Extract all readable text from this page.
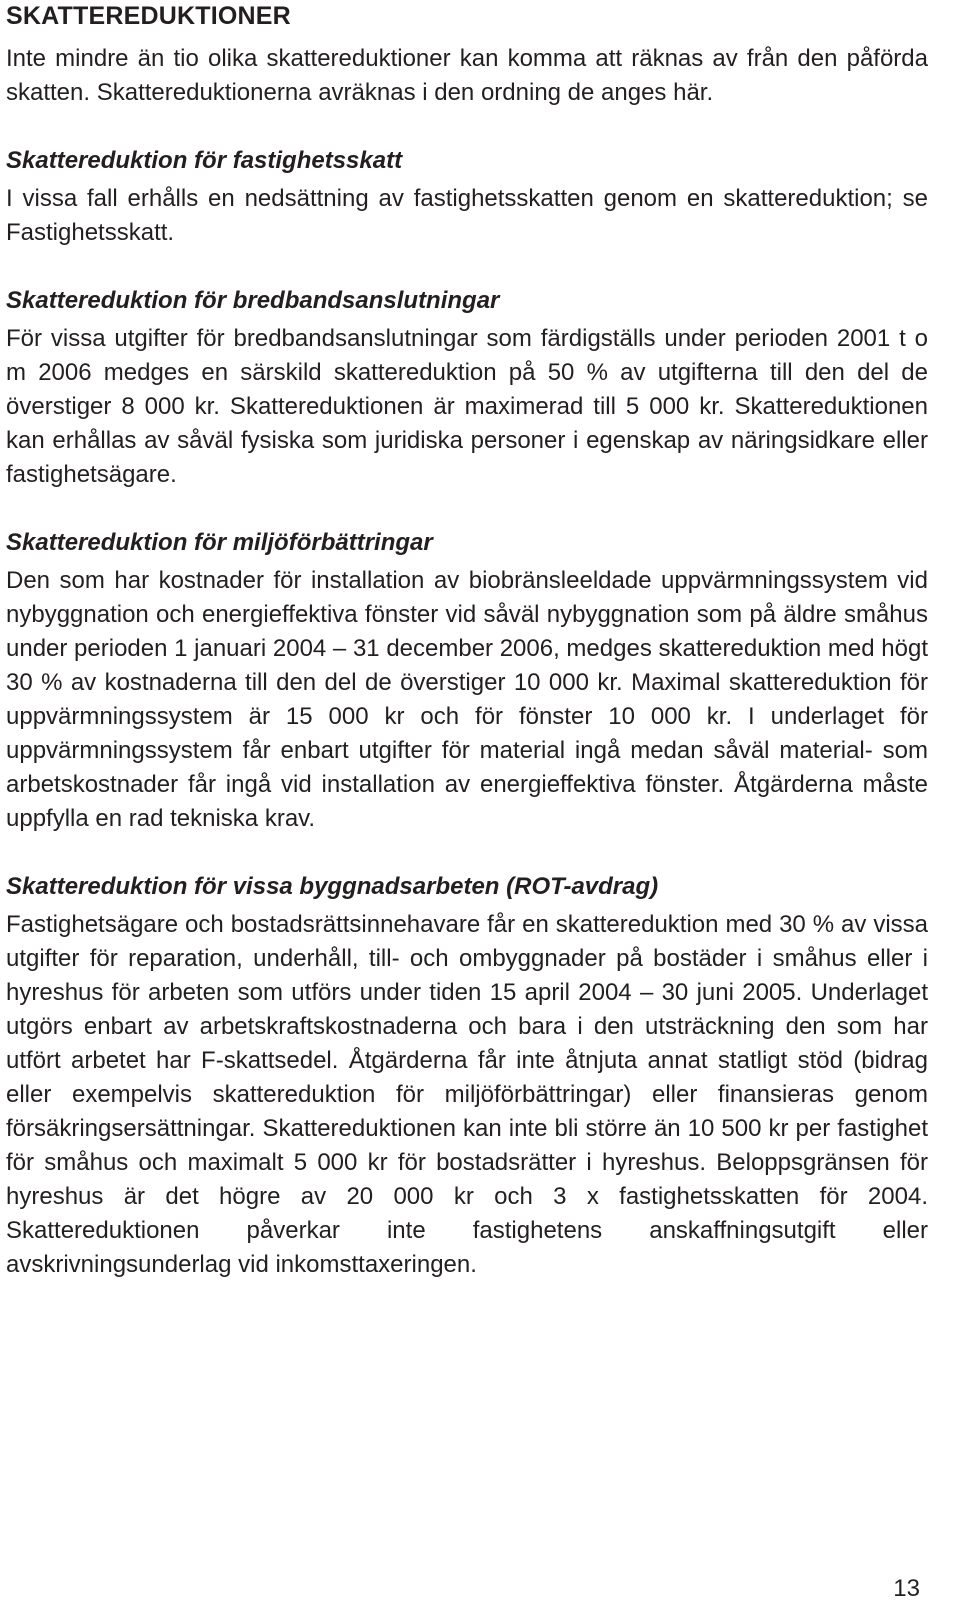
SKATTEREDUKTIONER

Inte mindre än tio olika skattereduktioner kan komma att räknas av från den påförda skatten. Skattereduktionerna avräknas i den ordning de anges här.

Skattereduktion för fastighetsskatt

I vissa fall erhålls en nedsättning av fastighetsskatten genom en skattereduktion; se Fastighetsskatt.

Skattereduktion för bredbandsanslutningar

För vissa utgifter för bredbandsanslutningar som färdigställs under perioden 2001 t o m 2006 medges en särskild skattereduktion på 50 % av utgifterna till den del de överstiger 8 000 kr. Skattereduktionen är maximerad till 5 000 kr. Skattereduktionen kan erhållas av såväl fysiska som juridiska personer i egenskap av näringsidkare eller fastighetsägare.

Skattereduktion för miljöförbättringar

Den som har kostnader för installation av biobränsleeldade uppvärmningssystem vid nybyggnation och energieffektiva fönster vid såväl nybyggnation som på äldre småhus under perioden 1 januari 2004 – 31 december 2006, medges skattereduktion med högt 30 % av kostnaderna till den del de överstiger 10 000 kr. Maximal skattereduktion för uppvärmningssystem är 15 000 kr och för fönster 10 000 kr. I underlaget för uppvärmningssystem får enbart utgifter för material ingå medan såväl material- som arbetskostnader får ingå vid installation av energieffektiva fönster. Åtgärderna måste uppfylla en rad tekniska krav.

Skattereduktion för vissa byggnadsarbeten (ROT-avdrag)

Fastighetsägare och bostadsrättsinnehavare får en skattereduktion med 30 % av vissa utgifter för reparation, underhåll, till- och ombyggnader på bostäder i småhus eller i hyreshus för arbeten som utförs under tiden 15 april 2004 – 30 juni 2005. Underlaget utgörs enbart av arbetskraftskostnaderna och bara i den utsträckning den som har utfört arbetet har F-skattsedel. Åtgärderna får inte åtnjuta annat statligt stöd (bidrag eller exempelvis skattereduktion för miljöförbättringar) eller finansieras genom försäkringsersättningar. Skattereduktionen kan inte bli större än 10 500 kr per fastighet för småhus och maximalt 5 000 kr för bostadsrätter i hyreshus. Beloppsgränsen för hyreshus är det högre av 20 000 kr och 3 x fastighetsskatten för 2004. Skattereduktionen påverkar inte fastighetens anskaffningsutgift eller avskrivningsunderlag vid inkomsttaxeringen.

13
